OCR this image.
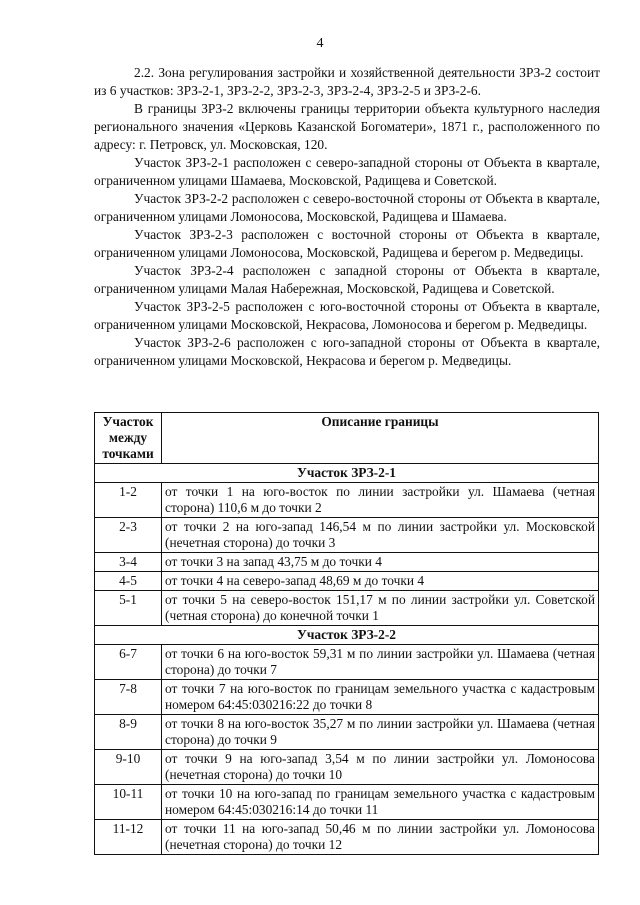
4

2.2. Зона регулирования застройки и хозяйственной деятельности ЗРЗ-2 состоит из 6 участков: ЗРЗ-2-1, ЗРЗ-2-2, ЗРЗ-2-3, ЗРЗ-2-4, ЗРЗ-2-5 и ЗРЗ-2-6.

В границы ЗРЗ-2 включены границы территории объекта культурного наследия регионального значения «Церковь Казанской Богоматери», 1871 г., расположенного по адресу: г. Петровск, ул. Московская, 120.

Участок ЗРЗ-2-1 расположен с северо-западной стороны от Объекта в квартале, ограниченном улицами Шамаева, Московской, Радищева и Советской.

Участок ЗРЗ-2-2 расположен с северо-восточной стороны от Объекта в квартале, ограниченном улицами Ломоносова, Московской, Радищева и Шамаева.

Участок ЗРЗ-2-3 расположен с восточной стороны от Объекта в квартале, ограниченном улицами Ломоносова, Московской, Радищева и берегом р. Медведицы.

Участок ЗРЗ-2-4 расположен с западной стороны от Объекта в квартале, ограниченном улицами Малая Набережная, Московской, Радищева и Советской.

Участок ЗРЗ-2-5 расположен с юго-восточной стороны от Объекта в квартале, ограниченном улицами Московской, Некрасова, Ломоносова и берегом р. Медведицы.

Участок ЗРЗ-2-6 расположен с юго-западной стороны от Объекта в квартале, ограниченном улицами Московской, Некрасова и берегом р. Медведицы.

Участок между точками	Описание границы
Участок ЗРЗ-2-1	
1-2	от точки 1 на юго-восток по линии застройки ул. Шамаева (четная сторона) 110,6 м до точки 2
2-3	от точки 2 на юго-запад 146,54 м по линии застройки ул. Московской (нечетная сторона) до точки 3
3-4	от точки 3 на запад 43,75 м до точки 4
4-5	от точки 4 на северо-запад 48,69 м до точки 4
5-1	от точки 5 на северо-восток 151,17 м по линии застройки ул. Советской (четная сторона) до конечной точки 1
Участок ЗРЗ-2-2	
6-7	от точки 6 на юго-восток 59,31 м по линии застройки ул. Шамаева (четная сторона) до точки 7
7-8	от точки 7 на юго-восток по границам земельного участка с кадастровым номером 64:45:030216:22 до точки 8
8-9	от точки 8 на юго-восток 35,27 м по линии застройки ул. Шамаева (четная сторона) до точки 9
9-10	от точки 9 на юго-запад 3,54 м по линии застройки ул. Ломоносова (нечетная сторона) до точки 10
10-11	от точки 10 на юго-запад по границам земельного участка с кадастровым номером 64:45:030216:14 до точки 11
11-12	от точки 11 на юго-запад 50,46 м по линии застройки ул. Ломоносова (нечетная сторона) до точки 12
